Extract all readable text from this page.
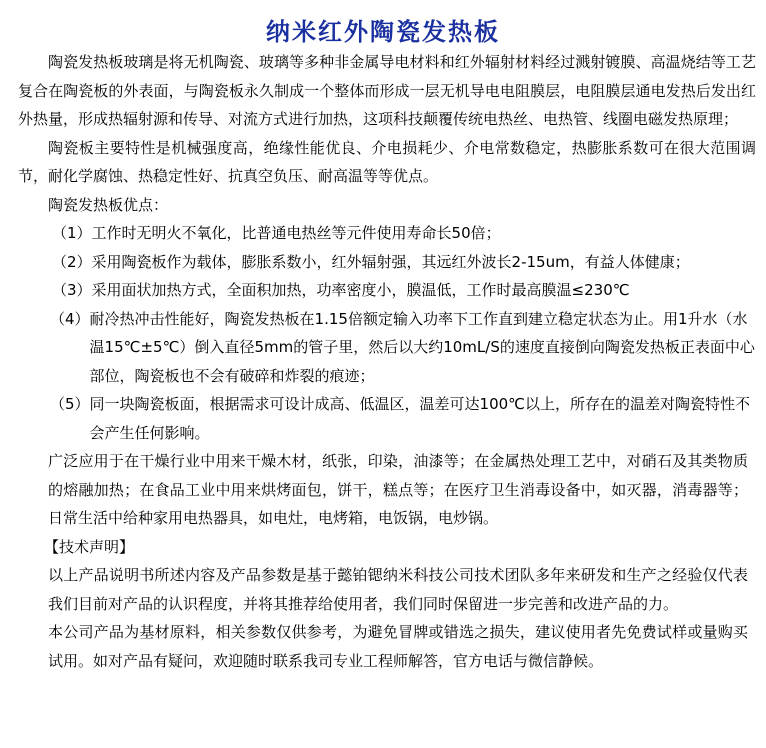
纳米红外陶瓷发热板

陶瓷发热板玻璃是将无机陶瓷、玻璃等多种非金属导电材料和红外辐射材料经过溅射镀膜、高温烧结等工艺复合在陶瓷板的外表面，与陶瓷板永久制成一个整体而形成一层无机导电电阻膜层，电阻膜层通电发热后发出红外热量，形成热辐射源和传导、对流方式进行加热，这项科技颠覆传统电热丝、电热管、线圈电磁发热原理；

陶瓷板主要特性是机械强度高，绝缘性能优良、介电损耗少、介电常数稳定，热膨胀系数可在很大范围调节，耐化学腐蚀、热稳定性好、抗真空负压、耐高温等等优点。

陶瓷发热板优点：

（1） 工作时无明火不氧化，比普通电热丝等元件使用寿命长50倍；
（2） 采用陶瓷板作为载体，膨胀系数小，红外辐射强，其远红外波长2-15um，有益人体健康；
（3） 采用面状加热方式，全面积加热，功率密度小，膜温低，工作时最高膜温≤230℃
（4） 耐冷热冲击性能好，陶瓷发热板在1.15倍额定输入功率下工作直到建立稳定状态为止。用1升水（水温15℃±5℃）倒入直径5mm的管子里，然后以大约10mL/S的速度直接倒向陶瓷发热板正表面中心部位，陶瓷板也不会有破碎和炸裂的痕迹；
（5） 同一块陶瓷板面，根据需求可设计成高、低温区，温差可达100℃以上，所存在的温差对陶瓷特性不会产生任何影响。

广泛应用于在干燥行业中用来干燥木材，纸张，印染，油漆等；在金属热处理工艺中，对硝石及其类物质的熔融加热；在食品工业中用来烘烤面包，饼干，糕点等；在医疗卫生消毒设备中，如灭器，消毒器等；日常生活中给种家用电热器具，如电灶，电烤箱，电饭锅，电炒锅。

【技术声明】

以上产品说明书所述内容及产品参数是基于懿铂锶纳米科技公司技术团队多年来研发和生产之经验仅代表我们目前对产品的认识程度，并将其推荐给使用者，我们同时保留进一步完善和改进产品的力。

本公司产品为基材原料，相关参数仅供参考，为避免冒牌或错选之损失，建议使用者先免费试样或量购买试用。如对产品有疑问，欢迎随时联系我司专业工程师解答，官方电话与微信静候。
